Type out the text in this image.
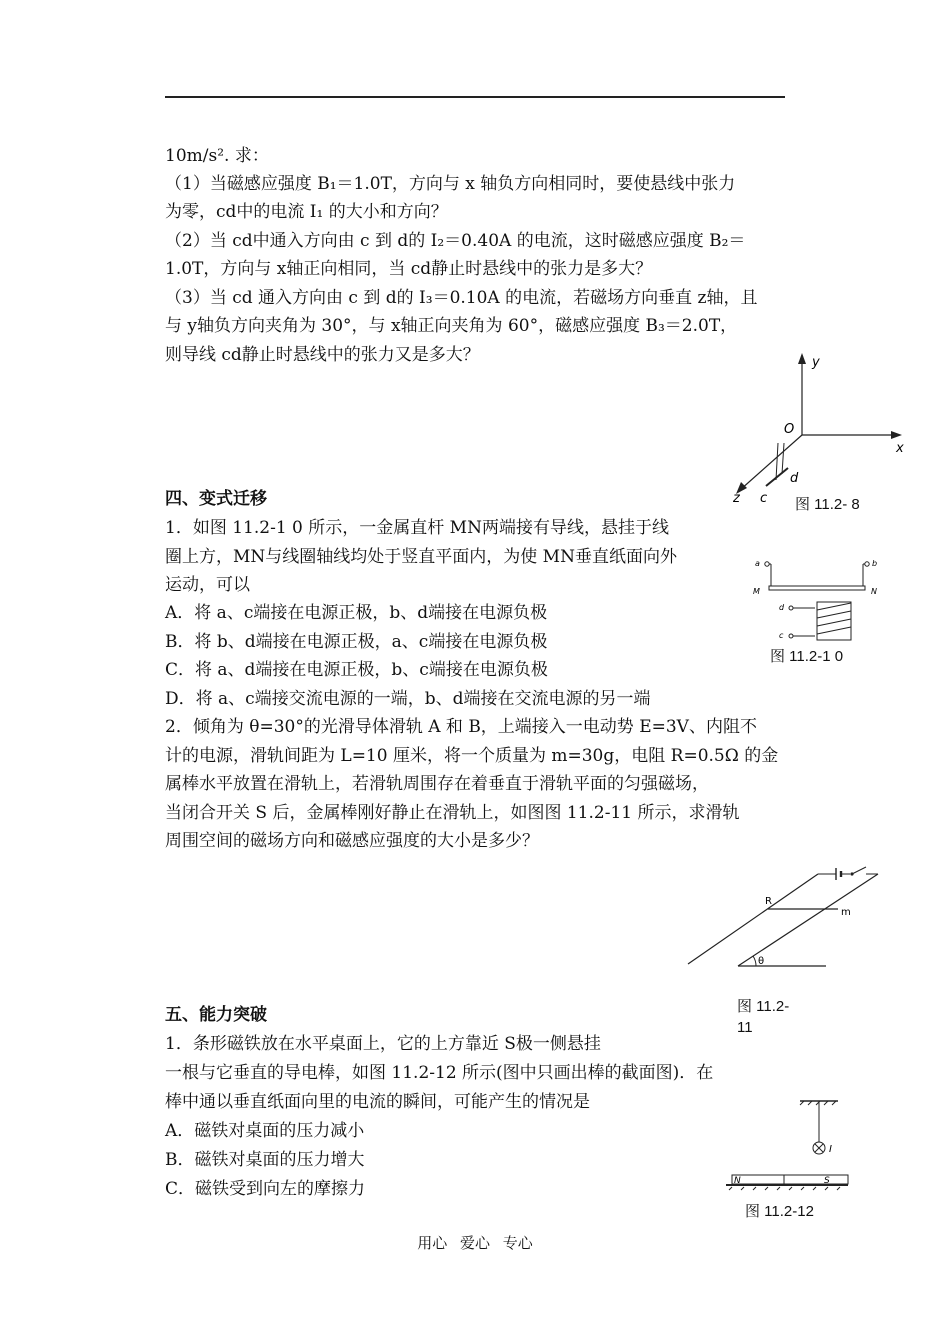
10m/s². 求：
（1）当磁感应强度 B₁＝1.0T，方向与 x 轴负方向相同时，要使悬线中张力
为零，cd中的电流 I₁ 的大小和方向？
（2）当 cd中通入方向由 c 到 d的 I₂＝0.40A 的电流，这时磁感应强度 B₂＝
1.0T，方向与 x轴正向相同，当 cd静止时悬线中的张力是多大？
（3）当 cd 通入方向由 c 到 d的 I₃＝0.10A 的电流，若磁场方向垂直 z轴，且
与 y轴负方向夹角为 30°，与 x轴正向夹角为 60°，磁感应强度 B₃＝2.0T，
则导线 cd静止时悬线中的张力又是多大？	y
x
z
O
c
d
图 11.2- 8
四、变式迁移
1．如图 11.2-1 0 所示，一金属直杆 MN两端接有导线，悬挂于线
圈上方，MN与线圈轴线均处于竖直平面内，为使 MN垂直纸面向外
运动，可以
A．将 a、c端接在电源正极，b、d端接在电源负极
B．将 b、d端接在电源正极，a、c端接在电源负极
C．将 a、d端接在电源正极，b、c端接在电源负极
D．将 a、c端接交流电源的一端，b、d端接在交流电源的另一端
a	b
M	N
d
c
图 11.2-1 0
2．倾角为 θ=30°的光滑导体滑轨 A 和 B，上端接入一电动势 E=3V、内阻不
计的电源，滑轨间距为 L=10 厘米，将一个质量为 m=30g，电阻 R=0.5Ω 的金
属棒水平放置在滑轨上，若滑轨周围存在着垂直于滑轨平面的匀强磁场，
当闭合开关 S 后，金属棒刚好静止在滑轨上，如图图 11.2-11 所示，求滑轨
周围空间的磁场方向和磁感应强度的大小是多少？
R
m
θ
图 11.2-
11
五、能力突破
1．条形磁铁放在水平桌面上，它的上方靠近 S极一侧悬挂
一根与它垂直的导电棒，如图 11.2-12 所示(图中只画出棒的截面图)．在
棒中通以垂直纸面向里的电流的瞬间，可能产生的情况是
A．磁铁对桌面的压力减小
B．磁铁对桌面的压力增大
C．磁铁受到向左的摩擦力
I
N	S
图 11.2-12
用心 爱心 专心
